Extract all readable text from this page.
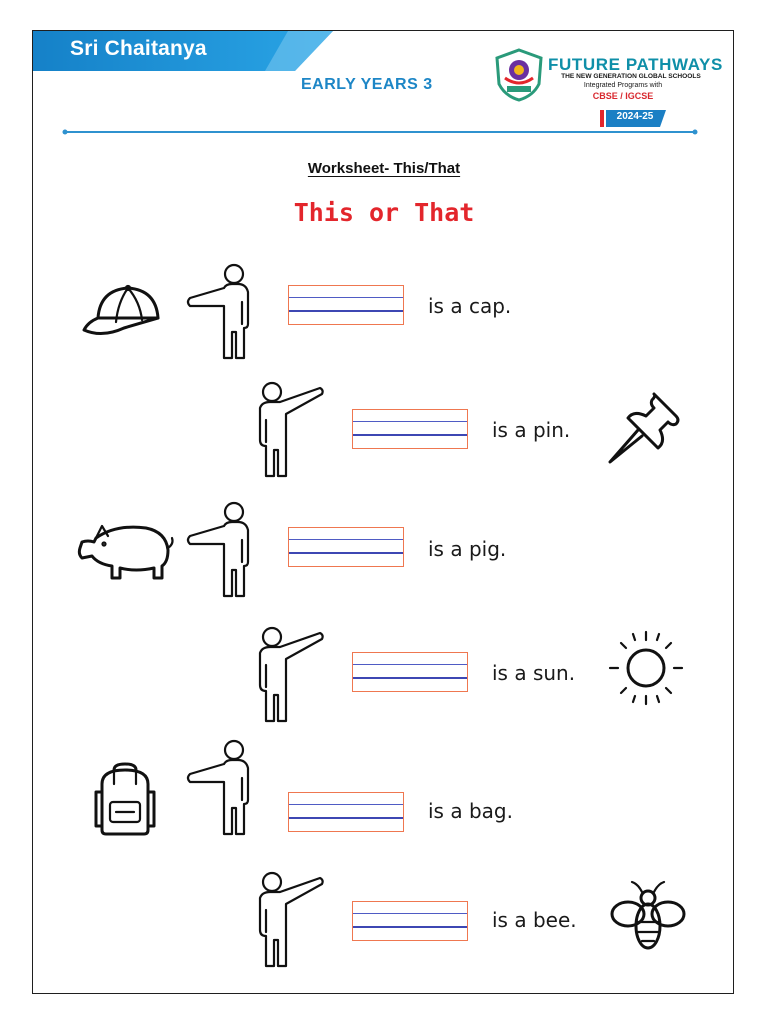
Sri Chaitanya
EARLY YEARS 3
FUTURE PATHWAYS
THE NEW GENERATION GLOBAL SCHOOLS
Integrated Programs with
CBSE / IGCSE
2024-25
Worksheet- This/That
This or That
is a cap.
is a pin.
is a pig.
is a sun.
is a bag.
is a bee.
